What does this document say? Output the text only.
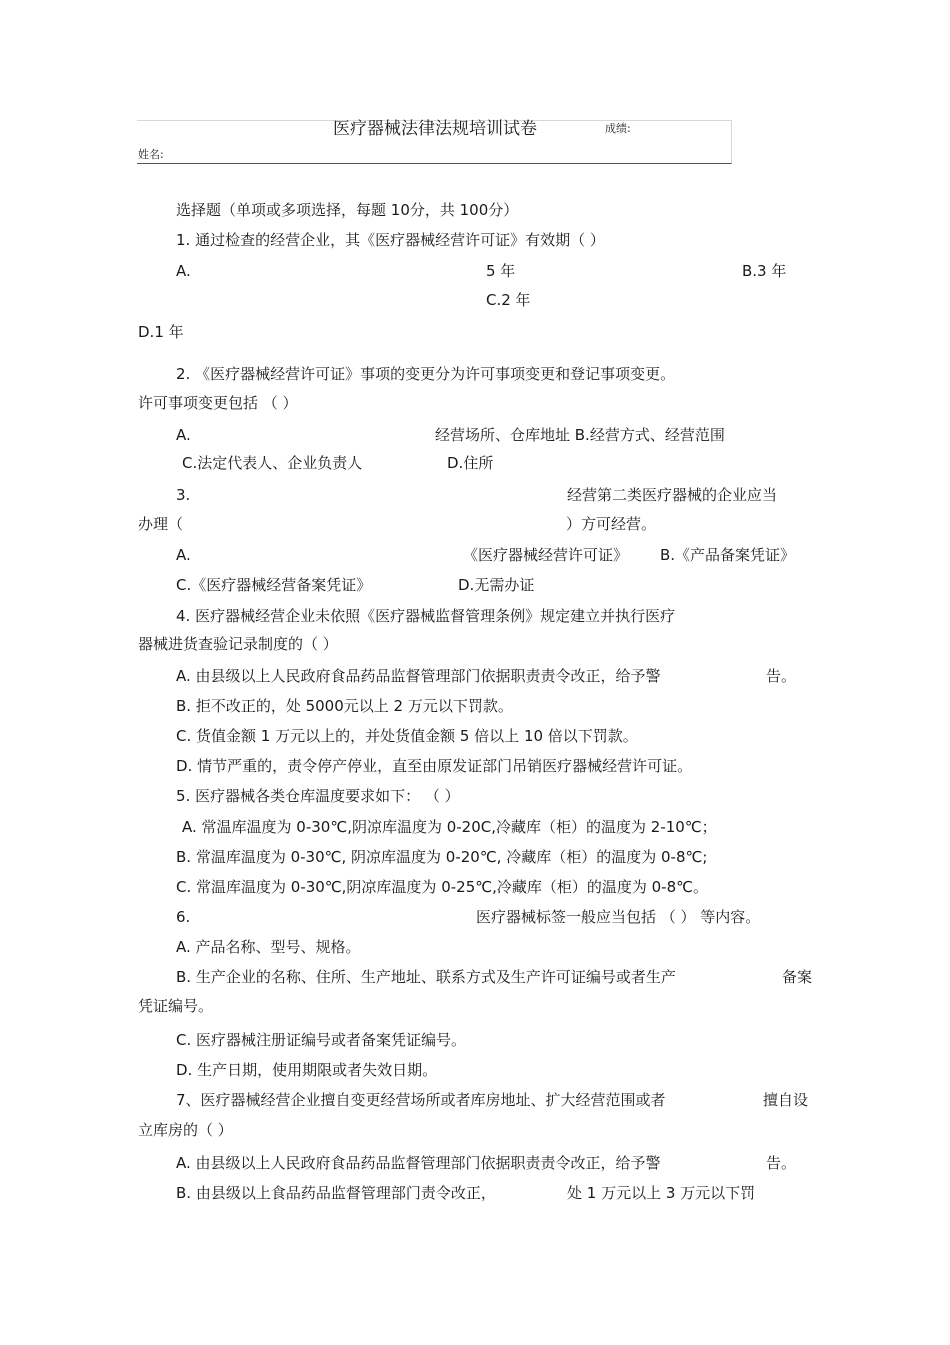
医疗器械法律法规培训试卷	成绩:
姓名:
选择题（单项或多项选择，每题 10分，共 100分）
1. 通过检查的经营企业，其《医疗器械经营许可证》有效期（ ）
A.	5 年	B.3 年
C.2 年
D.1 年
2. 《医疗器械经营许可证》事项的变更分为许可事项变更和登记事项变更。
许可事项变更包括 （ ）
A.	经营场所、仓库地址 B.经营方式、经营范围
C.法定代表人、企业负责人	D.住所
3.	经营第二类医疗器械的企业应当
办理（	）方可经营。
A.	《医疗器械经营许可证》 B.《产品备案凭证》
C.《医疗器械经营备案凭证》	D.无需办证
4. 医疗器械经营企业未依照《医疗器械监督管理条例》规定建立并执行医疗
器械进货查验记录制度的（ ）
A. 由县级以上人民政府食品药品监督管理部门依据职责责令改正，给予警	告。
B. 拒不改正的，处 5000元以上 2 万元以下罚款。
C. 货值金额 1 万元以上的，并处货值金额 5 倍以上 10 倍以下罚款。
D. 情节严重的，责令停产停业，直至由原发证部门吊销医疗器械经营许可证。
5. 医疗器械各类仓库温度要求如下： （ ）
A. 常温库温度为 0-30℃,阴凉库温度为 0-20C,冷藏库（柜）的温度为 2-10℃；
B. 常温库温度为 0-30℃, 阴凉库温度为 0-20℃, 冷藏库（柜）的温度为 0-8℃;
C. 常温库温度为 0-30℃,阴凉库温度为 0-25℃,冷藏库（柜）的温度为 0-8℃。
6.	医疗器械标签一般应当包括 （ ） 等内容。
A. 产品名称、型号、规格。
B. 生产企业的名称、住所、生产地址、联系方式及生产许可证编号或者生产	备案
凭证编号。
C. 医疗器械注册证编号或者备案凭证编号。
D. 生产日期，使用期限或者失效日期。
7、医疗器械经营企业擅自变更经营场所或者库房地址、扩大经营范围或者	擅自设
立库房的（ ）
A. 由县级以上人民政府食品药品监督管理部门依据职责责令改正，给予警	告。
B. 由县级以上食品药品监督管理部门责令改正，	处 1 万元以上 3 万元以下罚
